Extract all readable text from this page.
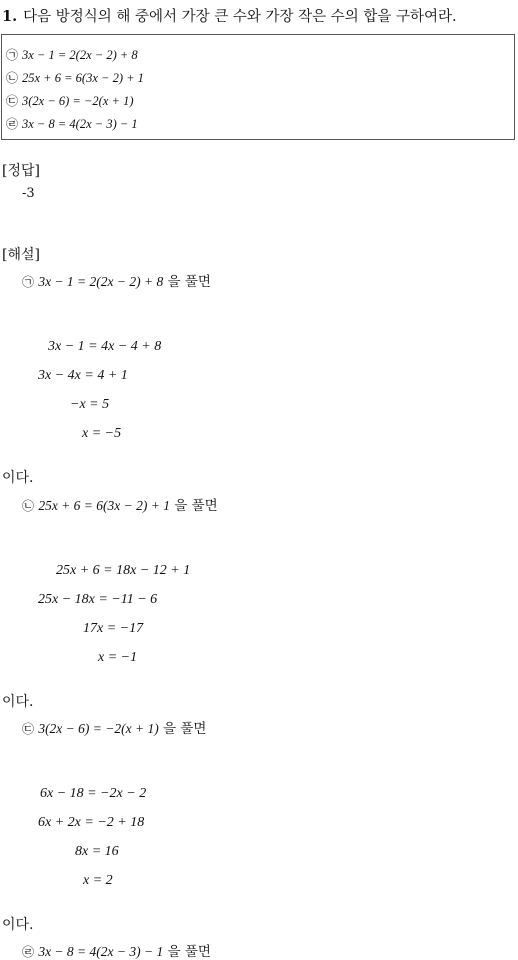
1. 다음 방정식의 해 중에서 가장 큰 수와 가장 작은 수의 합을 구하여라.
㉠ 3x − 1 = 2(2x − 2) + 8
㉡ 25x + 6 = 6(3x − 2) + 1
㉢ 3(2x − 6) = −2(x + 1)
㉣ 3x − 8 = 4(2x − 3) − 1
[정답]
-3
[해설]
㉠ 3x − 1 = 2(2x − 2) + 8 을 풀면
3x − 1 = 4x − 4 + 8
3x − 4x = 4 + 1
−x = 5
x = −5
이다.
㉡ 25x + 6 = 6(3x − 2) + 1 을 풀면
25x + 6 = 18x − 12 + 1
25x − 18x = −11 − 6
17x = −17
x = −1
이다.
㉢ 3(2x − 6) = −2(x + 1) 을 풀면
6x − 18 = −2x − 2
6x + 2x = −2 + 18
8x = 16
x = 2
이다.
㉣ 3x − 8 = 4(2x − 3) − 1 을 풀면
